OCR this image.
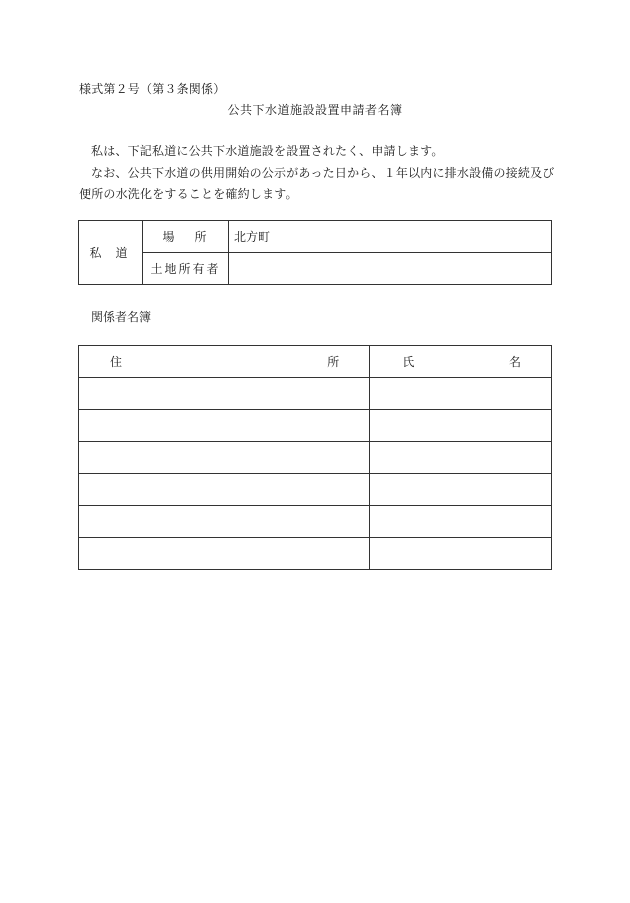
様式第２号（第３条関係）
公共下水道施設設置申請者名簿
私は、下記私道に公共下水道施設を設置されたく、申請します。
なお、公共下水道の供用開始の公示があった日から、１年以内に排水設備の接続及び
便所の水洗化をすることを確約します。
私道	場所	北方町
	土地所有者	
関係者名簿
住 所	氏 名
